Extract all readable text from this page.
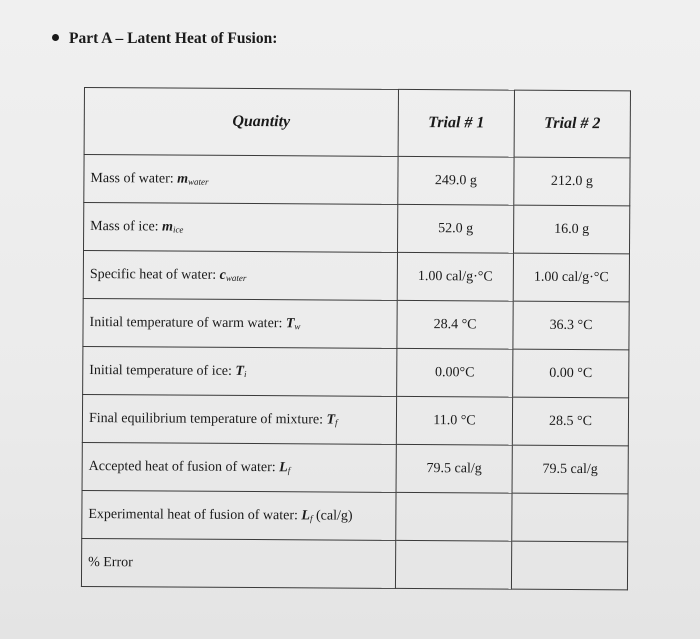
Part A – Latent Heat of Fusion:
Quantity	Trial # 1	Trial # 2
Mass of water: $m_{water}$	249.0 g	212.0 g
Mass of ice: $m_{ice}$	52.0 g	16.0 g
Specific heat of water: $c_{water}$	1.00 cal/g·°C	1.00 cal/g·°C
Initial temperature of warm water: $T_w$	28.4 °C	36.3 °C
Initial temperature of ice: $T_i$	0.00°C	0.00 °C
Final equilibrium temperature of mixture: $T_f$	11.0 °C	28.5 °C
Accepted heat of fusion of water: $L_f$	79.5 cal/g	79.5 cal/g
Experimental heat of fusion of water: $L_f$ (cal/g)		
% Error		
